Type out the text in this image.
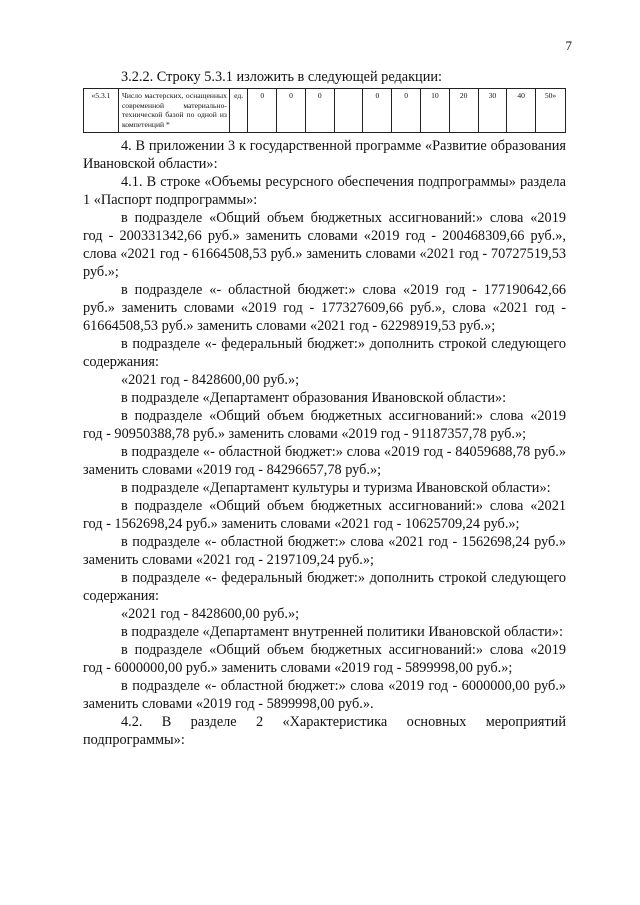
7

3.2.2. Строку 5.3.1 изложить в следующей редакции:

«5.3.1	Число мастерских, оснащенных современной материально-технической базой по одной из компетенций *	ед.	0	0	0		0	0	10	20	30	40	50»

4. В приложении 3 к государственной программе «Развитие образования Ивановской области»:

4.1. В строке «Объемы ресурсного обеспечения подпрограммы» раздела 1 «Паспорт подпрограммы»:

в подразделе «Общий объем бюджетных ассигнований:» слова «2019 год - 200331342,66 руб.» заменить словами «2019 год - 200468309,66 руб.», слова «2021 год - 61664508,53 руб.» заменить словами «2021 год - 70727519,53 руб.»;

в подразделе «- областной бюджет:» слова «2019 год - 177190642,66 руб.» заменить словами «2019 год - 177327609,66 руб.», слова «2021 год - 61664508,53 руб.» заменить словами «2021 год - 62298919,53 руб.»;

в подразделе «- федеральный бюджет:» дополнить строкой следующего содержания:

«2021 год - 8428600,00 руб.»;

в подразделе «Департамент образования Ивановской области»:

в подразделе «Общий объем бюджетных ассигнований:» слова «2019 год - 90950388,78 руб.» заменить словами «2019 год - 91187357,78 руб.»;

в подразделе «- областной бюджет:» слова «2019 год - 84059688,78 руб.» заменить словами «2019 год - 84296657,78 руб.»;

в подразделе «Департамент культуры и туризма Ивановской области»:

в подразделе «Общий объем бюджетных ассигнований:» слова «2021 год - 1562698,24 руб.» заменить словами «2021 год - 10625709,24 руб.»;

в подразделе «- областной бюджет:» слова «2021 год - 1562698,24 руб.» заменить словами «2021 год - 2197109,24 руб.»;

в подразделе «- федеральный бюджет:» дополнить строкой следующего содержания:

«2021 год - 8428600,00 руб.»;

в подразделе «Департамент внутренней политики Ивановской области»:

в подразделе «Общий объем бюджетных ассигнований:» слова «2019 год - 6000000,00 руб.» заменить словами «2019 год - 5899998,00 руб.»;

в подразделе «- областной бюджет:» слова «2019 год - 6000000,00 руб.» заменить словами «2019 год - 5899998,00 руб.».

4.2. В разделе 2 «Характеристика основных мероприятий подпрограммы»:
